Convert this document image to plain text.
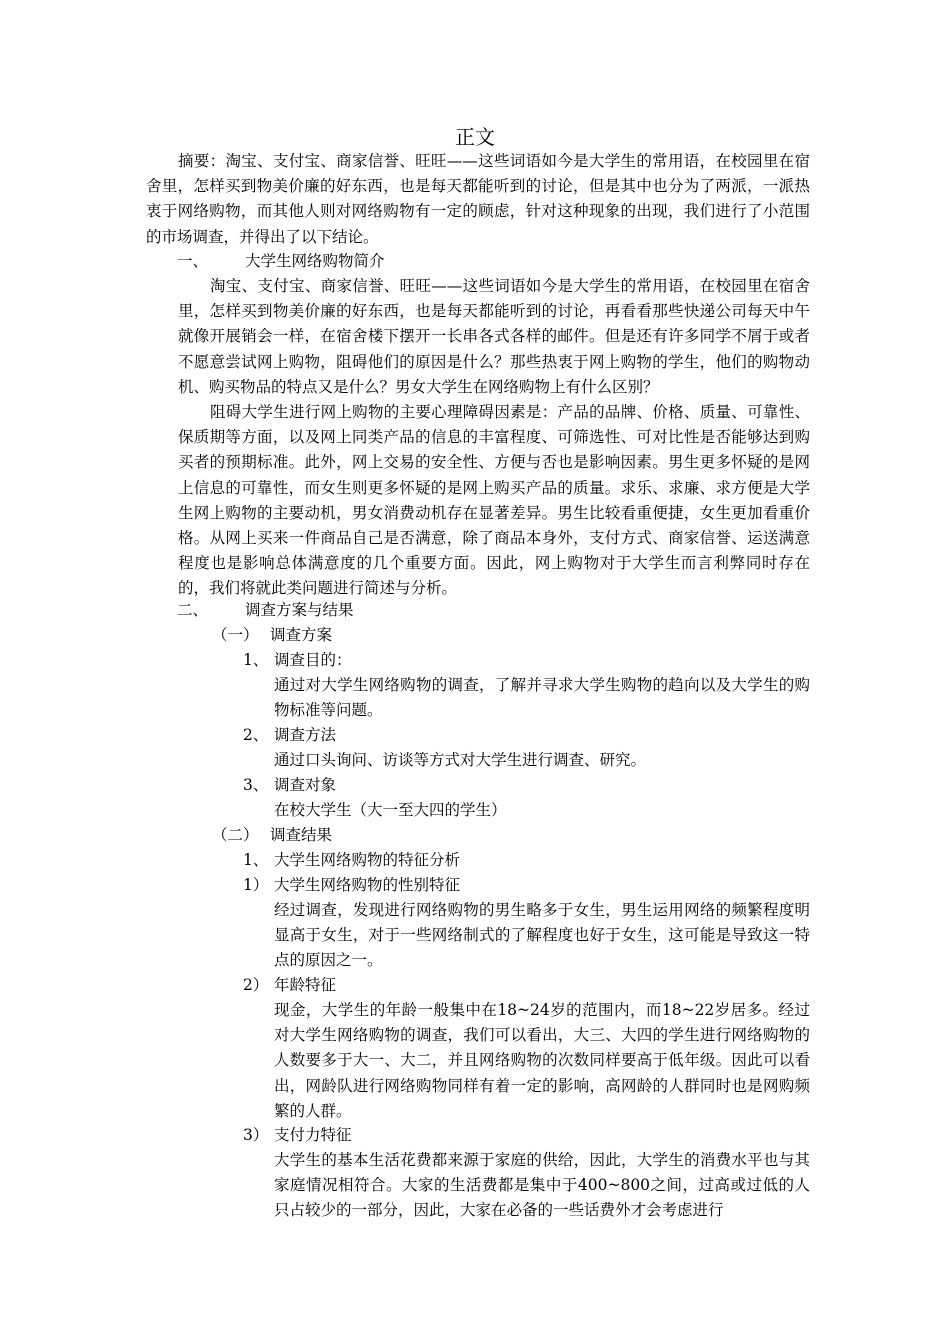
正文

摘要：淘宝、支付宝、商家信誉、旺旺——这些词语如今是大学生的常用语，在校园里在宿舍里，怎样买到物美价廉的好东西，也是每天都能听到的讨论，但是其中也分为了两派，一派热衷于网络购物，而其他人则对网络购物有一定的顾虑，针对这种现象的出现，我们进行了小范围的市场调查，并得出了以下结论。

一、 大学生网络购物简介

淘宝、支付宝、商家信誉、旺旺——这些词语如今是大学生的常用语，在校园里在宿舍里，怎样买到物美价廉的好东西，也是每天都能听到的讨论，再看看那些快递公司每天中午就像开展销会一样，在宿舍楼下摆开一长串各式各样的邮件。但是还有许多同学不屑于或者不愿意尝试网上购物，阻碍他们的原因是什么？那些热衷于网上购物的学生，他们的购物动机、购买物品的特点又是什么？男女大学生在网络购物上有什么区别？

阻碍大学生进行网上购物的主要心理障碍因素是：产品的品牌、价格、质量、可靠性、保质期等方面，以及网上同类产品的信息的丰富程度、可筛选性、可对比性是否能够达到购买者的预期标准。此外，网上交易的安全性、方便与否也是影响因素。男生更多怀疑的是网上信息的可靠性，而女生则更多怀疑的是网上购买产品的质量。求乐、求廉、求方便是大学生网上购物的主要动机，男女消费动机存在显著差异。男生比较看重便捷，女生更加看重价格。从网上买来一件商品自己是否满意，除了商品本身外，支付方式、商家信誉、运送满意程度也是影响总体满意度的几个重要方面。因此，网上购物对于大学生而言利弊同时存在的，我们将就此类问题进行简述与分析。

二、 调查方案与结果
（一） 调查方案
1、 调查目的：

通过对大学生网络购物的调查，了解并寻求大学生购物的趋向以及大学生的购物标准等问题。

2、 调查方法
通过口头询问、访谈等方式对大学生进行调查、研究。
3、 调查对象
在校大学生（大一至大四的学生）
（二） 调查结果
1、 大学生网络购物的特征分析
1） 大学生网络购物的性别特征

经过调查，发现进行网络购物的男生略多于女生，男生运用网络的频繁程度明显高于女生，对于一些网络制式的了解程度也好于女生，这可能是导致这一特点的原因之一。

2） 年龄特征

现金，大学生的年龄一般集中在18~24岁的范围内，而18~22岁居多。经过对大学生网络购物的调查，我们可以看出，大三、大四的学生进行网络购物的人数要多于大一、大二，并且网络购物的次数同样要高于低年级。因此可以看出，网龄队进行网络购物同样有着一定的影响，高网龄的人群同时也是网购频繁的人群。

3） 支付力特征

大学生的基本生活花费都来源于家庭的供给，因此，大学生的消费水平也与其家庭情况相符合。大家的生活费都是集中于400~800之间，过高或过低的人只占较少的一部分，因此，大家在必备的一些话费外才会考虑进行
